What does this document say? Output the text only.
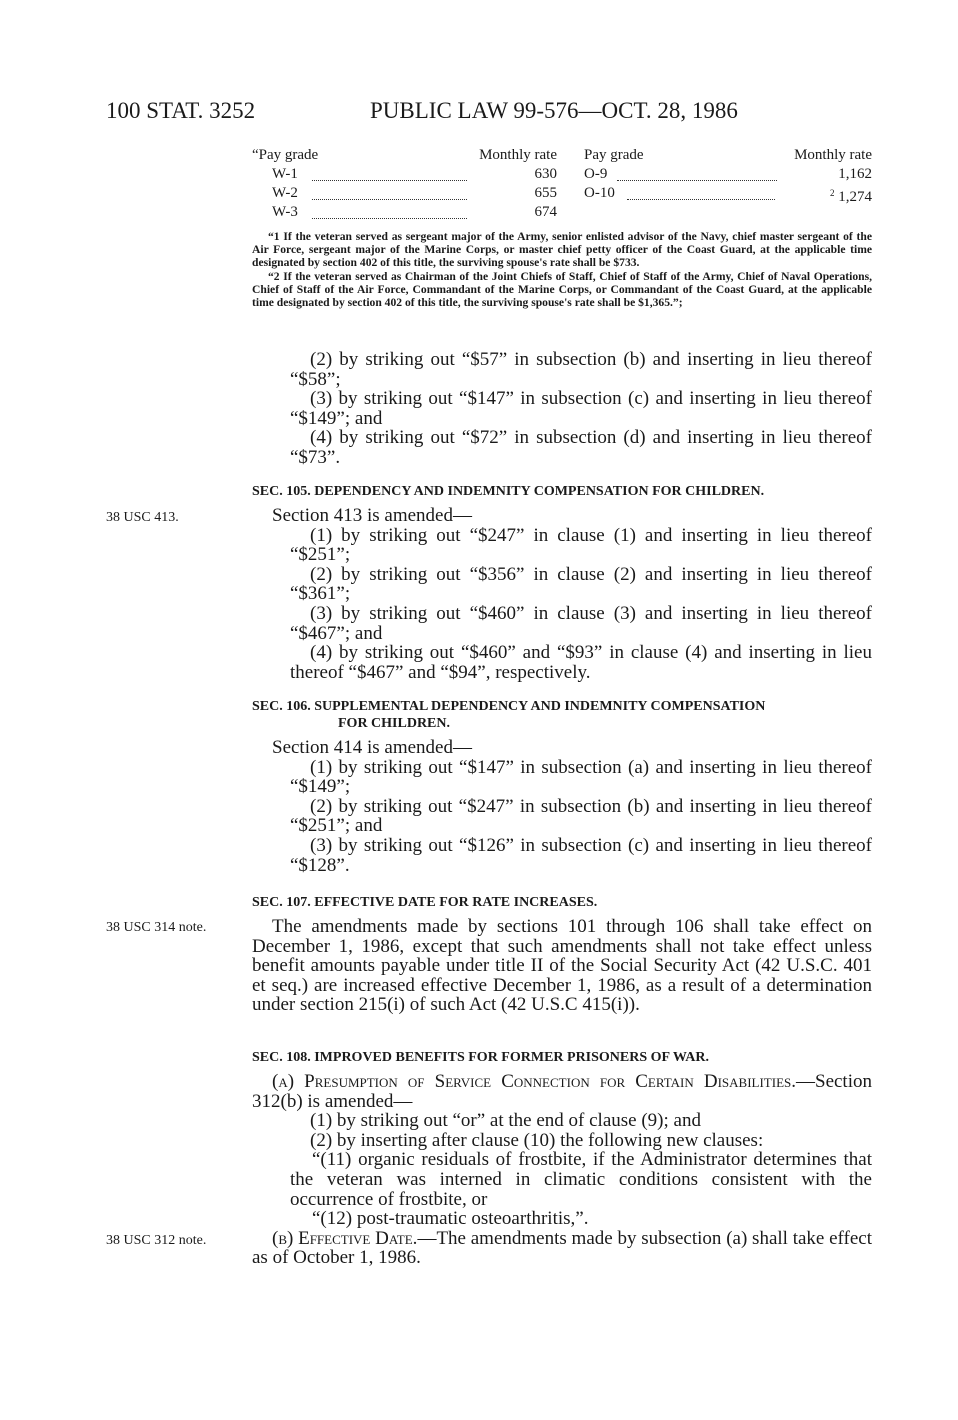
100 STAT. 3252	PUBLIC LAW 99-576—OCT. 28, 1986
“Pay grade	Monthly rate Pay grade	Monthly rate
W-1	630 O-9	1,162
W-2	655 O-10	$^2$ 1,274
W-3	674

“1 If the veteran served as sergeant major of the Army, senior enlisted advisor of the Navy, chief master sergeant of the Air Force, sergeant major of the Marine Corps, or master chief petty officer of the Coast Guard, at the applicable time designated by section 402 of this title, the surviving spouse's rate shall be $733.

“2 If the veteran served as Chairman of the Joint Chiefs of Staff, Chief of Staff of the Army, Chief of Naval Operations, Chief of Staff of the Air Force, Commandant of the Marine Corps, or Commandant of the Coast Guard, at the applicable time designated by section 402 of this title, the surviving spouse's rate shall be $1,365.”;

(2) by striking out “$57” in subsection (b) and inserting in lieu thereof “$58”;

(3) by striking out “$147” in subsection (c) and inserting in lieu thereof “$149”; and

(4) by striking out “$72” in subsection (d) and inserting in lieu thereof “$73”.

SEC. 105. DEPENDENCY AND INDEMNITY COMPENSATION FOR CHILDREN.

Section 413 is amended—

(1) by striking out “$247” in clause (1) and inserting in lieu thereof “$251”;

(2) by striking out “$356” in clause (2) and inserting in lieu thereof “$361”;

(3) by striking out “$460” in clause (3) and inserting in lieu thereof “$467”; and

(4) by striking out “$460” and “$93” in clause (4) and inserting in lieu thereof “$467” and “$94”, respectively.

38 USC 413.

SEC. 106. SUPPLEMENTAL DEPENDENCY AND INDEMNITY COMPENSATION

FOR CHILDREN.

Section 414 is amended—

(1) by striking out “$147” in subsection (a) and inserting in lieu thereof “$149”;

(2) by striking out “$247” in subsection (b) and inserting in lieu thereof “$251”; and

(3) by striking out “$126” in subsection (c) and inserting in lieu thereof “$128”.

SEC. 107. EFFECTIVE DATE FOR RATE INCREASES.

The amendments made by sections 101 through 106 shall take effect on December 1, 1986, except that such amendments shall not take effect unless benefit amounts payable under title II of the Social Security Act (42 U.S.C. 401 et seq.) are increased effective December 1, 1986, as a result of a determination under section 215(i) of such Act (42 U.S.C 415(i)).

38 USC 314 note.

SEC. 108. IMPROVED BENEFITS FOR FORMER PRISONERS OF WAR.

(a) Presumption of Service Connection for Certain Disabilities.—Section 312(b) is amended—

(1) by striking out “or” at the end of clause (9); and

(2) by inserting after clause (10) the following new clauses:

“(11) organic residuals of frostbite, if the Administrator determines that the veteran was interned in climatic conditions consistent with the occurrence of frostbite, or

“(12) post-traumatic osteoarthritis,”.

(b) Effective Date.—The amendments made by subsection (a) shall take effect as of October 1, 1986.

38 USC 312 note.
